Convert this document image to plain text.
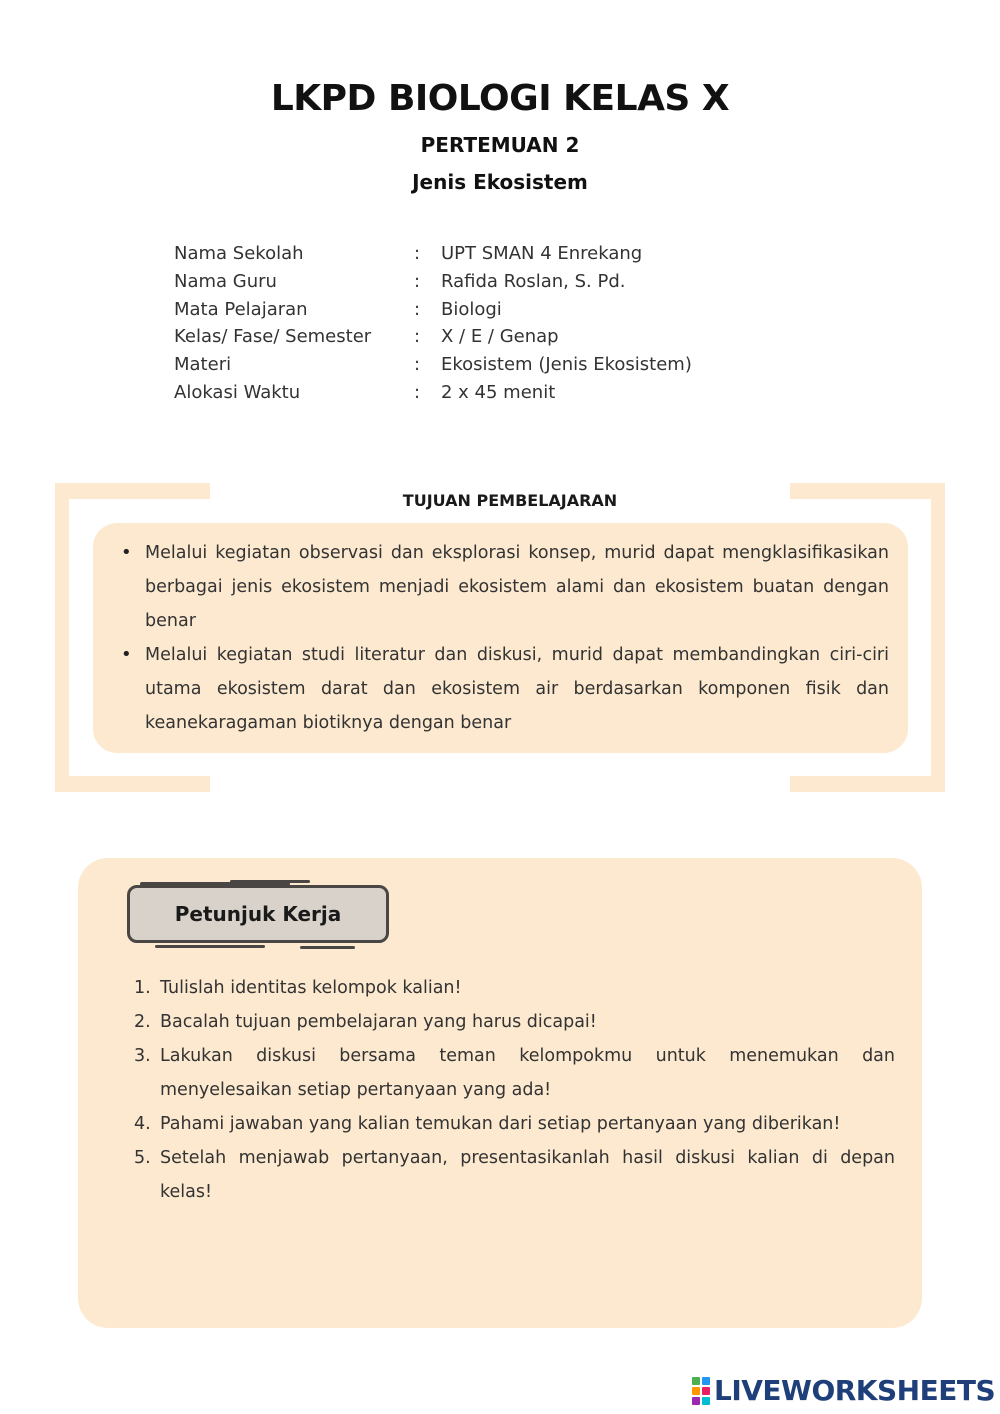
LKPD BIOLOGI KELAS X
PERTEMUAN 2
Jenis Ekosistem
Nama Sekolah	:	UPT SMAN 4 Enrekang
Nama Guru	:	Rafida Roslan, S. Pd.
Mata Pelajaran	:	Biologi
Kelas/ Fase/ Semester	:	X / E / Genap
Materi	:	Ekosistem (Jenis Ekosistem)
Alokasi Waktu	:	2 x 45 menit
TUJUAN PEMBELAJARAN
• Melalui kegiatan observasi dan eksplorasi konsep, murid dapat mengklasifikasikan berbagai jenis ekosistem menjadi ekosistem alami dan ekosistem buatan dengan benar
• Melalui kegiatan studi literatur dan diskusi, murid dapat membandingkan ciri-ciri utama ekosistem darat dan ekosistem air berdasarkan komponen fisik dan keanekaragaman biotiknya dengan benar
Petunjuk Kerja
1. Tulislah identitas kelompok kalian!
2. Bacalah tujuan pembelajaran yang harus dicapai!
3. Lakukan diskusi bersama teman kelompokmu untuk menemukan dan menyelesaikan setiap pertanyaan yang ada!
4. Pahami jawaban yang kalian temukan dari setiap pertanyaan yang diberikan!
5. Setelah menjawab pertanyaan, presentasikanlah hasil diskusi kalian di depan kelas!
LIVEWORKSHEETS
